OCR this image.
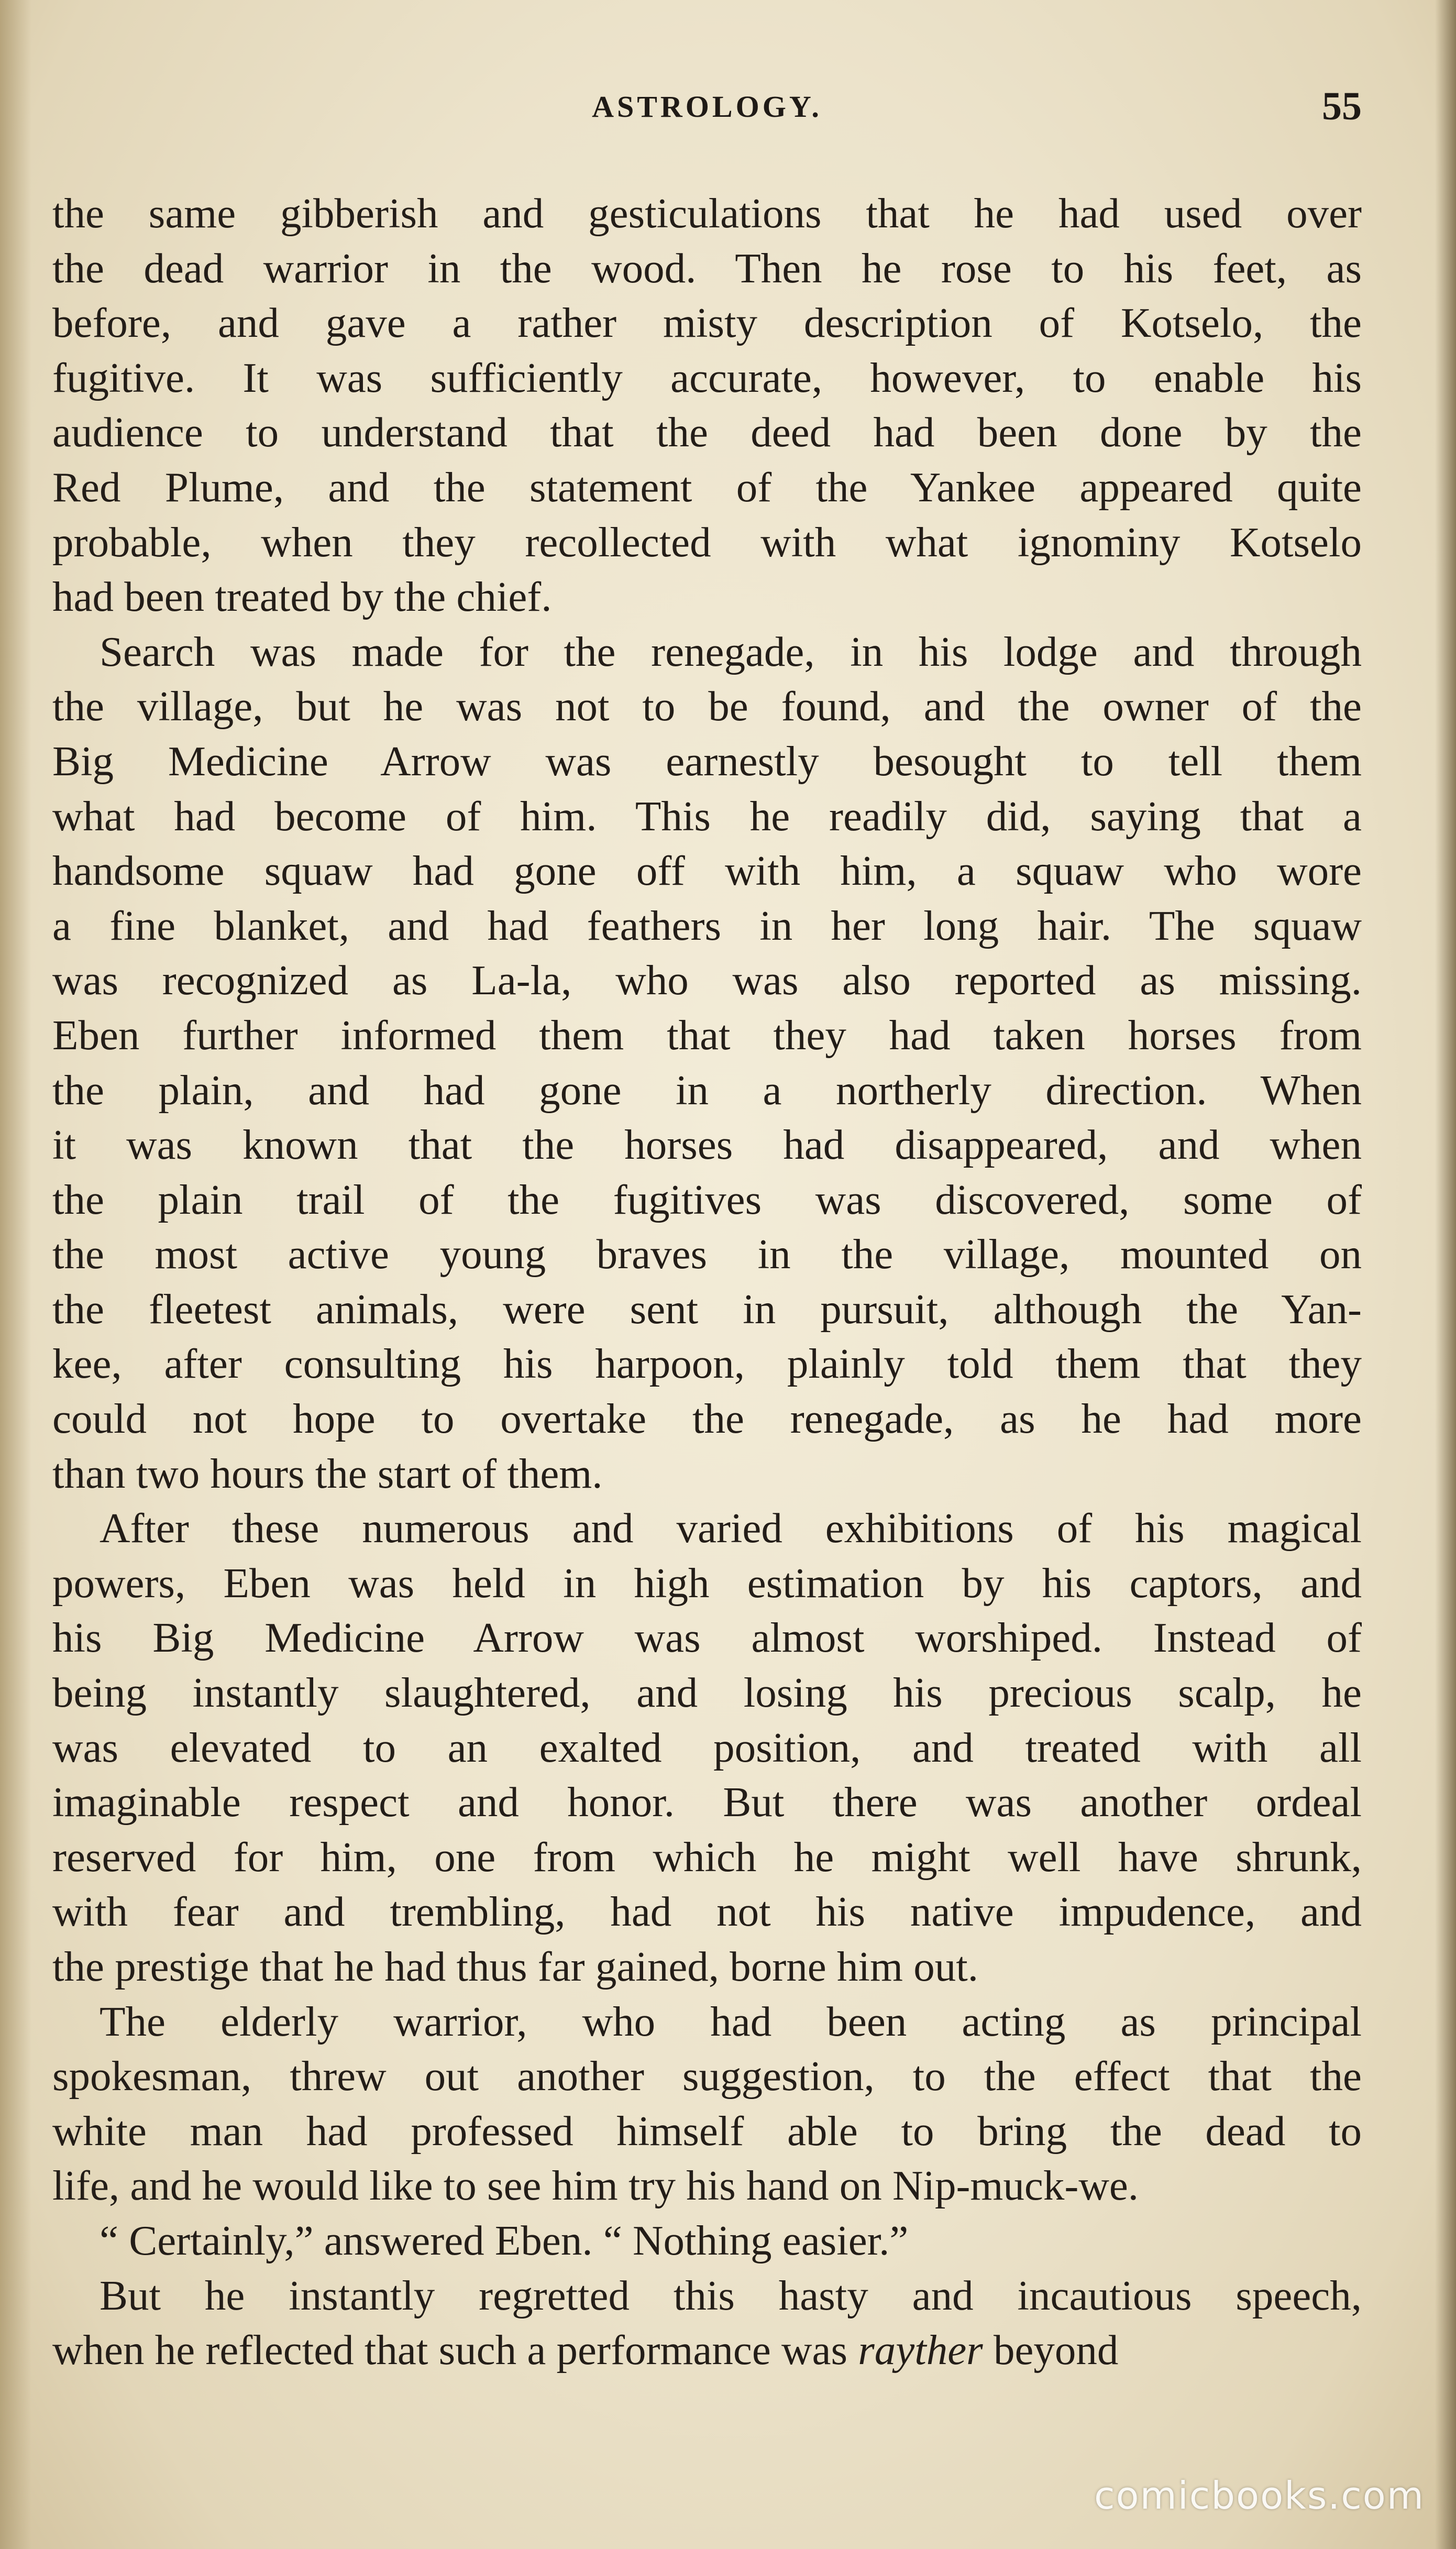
ASTROLOGY.	55
the same gibberish and gesticulations that he had used over
the dead warrior in the wood. Then he rose to his feet, as
before, and gave a rather misty description of Kotselo, the
fugitive. It was sufficiently accurate, however, to enable his
audience to understand that the deed had been done by the
Red Plume, and the statement of the Yankee appeared quite
probable, when they recollected with what ignominy Kotselo
had been treated by the chief.
Search was made for the renegade, in his lodge and through
the village, but he was not to be found, and the owner of the
Big Medicine Arrow was earnestly besought to tell them
what had become of him. This he readily did, saying that a
handsome squaw had gone off with him, a squaw who wore
a fine blanket, and had feathers in her long hair. The squaw
was recognized as La-la, who was also reported as missing.
Eben further informed them that they had taken horses from
the plain, and had gone in a northerly direction. When
it was known that the horses had disappeared, and when
the plain trail of the fugitives was discovered, some of
the most active young braves in the village, mounted on
the fleetest animals, were sent in pursuit, although the Yan-
kee, after consulting his harpoon, plainly told them that they
could not hope to overtake the renegade, as he had more
than two hours the start of them.
After these numerous and varied exhibitions of his magical
powers, Eben was held in high estimation by his captors, and
his Big Medicine Arrow was almost worshiped. Instead of
being instantly slaughtered, and losing his precious scalp, he
was elevated to an exalted position, and treated with all
imaginable respect and honor. But there was another ordeal
reserved for him, one from which he might well have shrunk,
with fear and trembling, had not his native impudence, and
the prestige that he had thus far gained, borne him out.
The elderly warrior, who had been acting as principal
spokesman, threw out another suggestion, to the effect that the
white man had professed himself able to bring the dead to
life, and he would like to see him try his hand on Nip-muck-we.
“ Certainly,” answered Eben. “ Nothing easier.”
But he instantly regretted this hasty and incautious speech,
when he reflected that such a performance was rayther beyond
comicbooks.com
